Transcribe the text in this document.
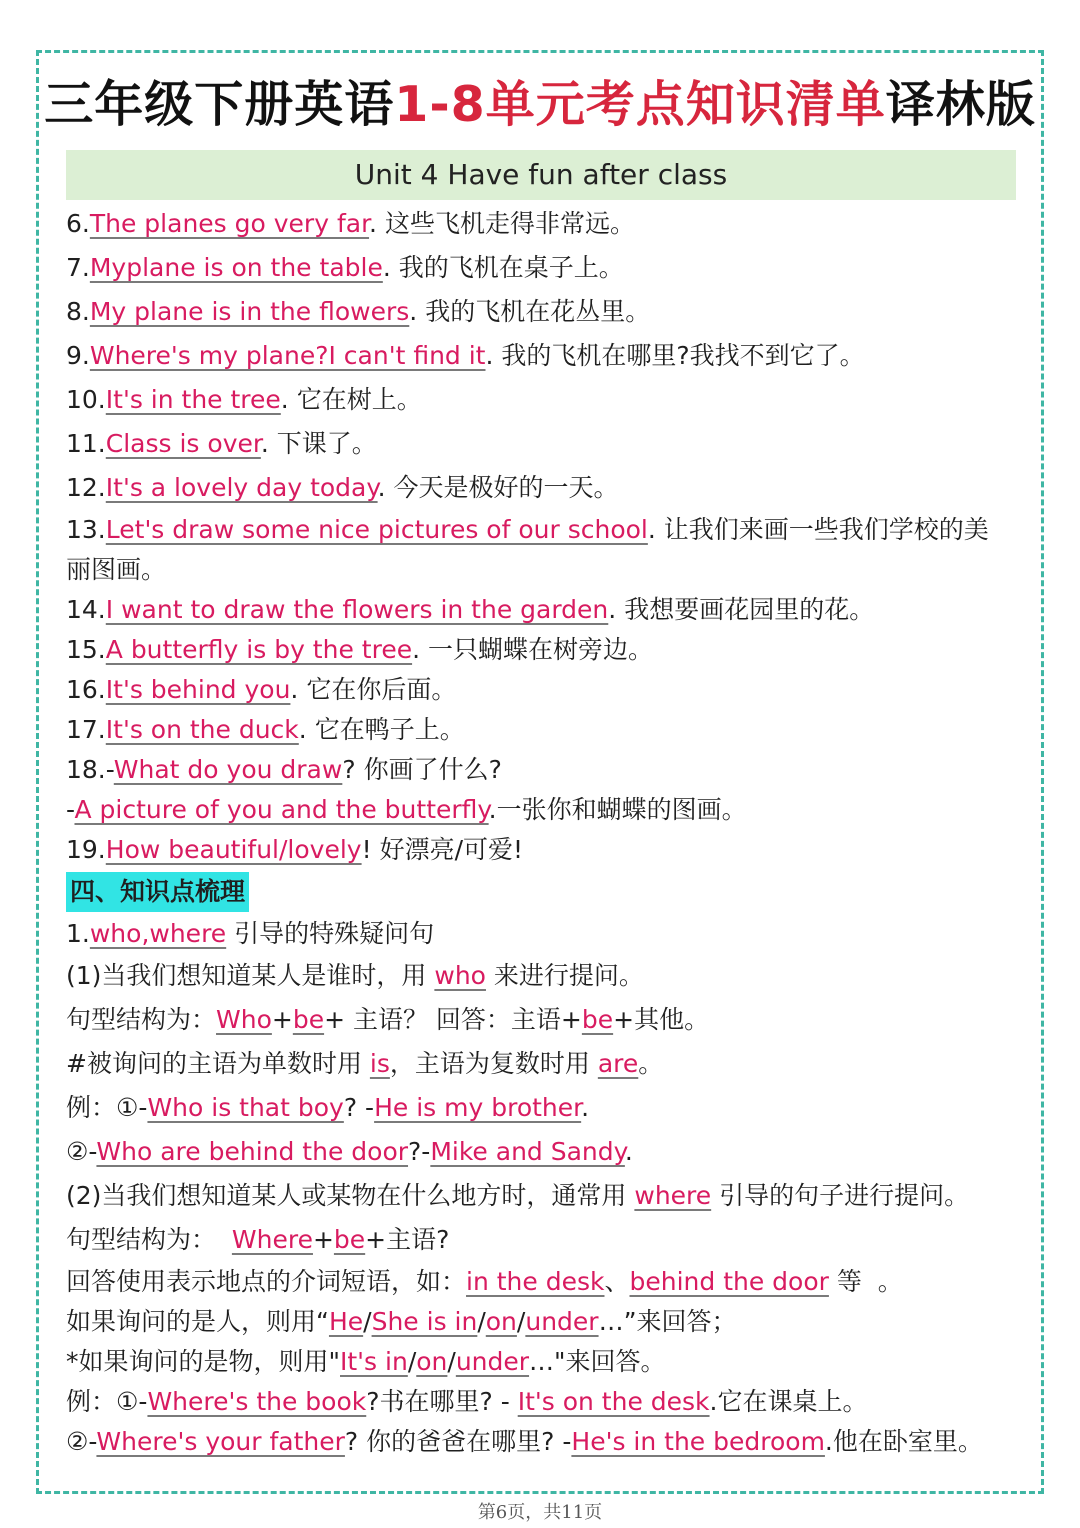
三年级下册英语1-8单元考点知识清单译林版
Unit 4 Have fun after class
6.The planes go very far. 这些飞机走得非常远。
7.Myplane is on the table. 我的飞机在桌子上。
8.My plane is in the flowers. 我的飞机在花丛里。
9.Where's my plane?I can't find it. 我的飞机在哪里?我找不到它了。
10.It's in the tree. 它在树上。
11.Class is over. 下课了。
12.It's a lovely day today. 今天是极好的一天。
13.Let's draw some nice pictures of our school. 让我们来画一些我们学校的美
丽图画。
14.I want to draw the flowers in the garden. 我想要画花园里的花。
15.A butterfly is by the tree. 一只蝴蝶在树旁边。
16.It's behind you. 它在你后面。
17.It's on the duck. 它在鸭子上。
18.-What do you draw? 你画了什么?
-A picture of you and the butterfly.一张你和蝴蝶的图画。
19.How beautiful/lovely! 好漂亮/可爱!
四、知识点梳理
1.who,where 引导的特殊疑问句
(1)当我们想知道某人是谁时，用 who 来进行提问。
句型结构为：Who+be+ 主语？ 回答：主语+be+其他。
#被询问的主语为单数时用 is，主语为复数时用 are。
例：①-Who is that boy? -He is my brother.
②-Who are behind the door?-Mike and Sandy.
(2)当我们想知道某人或某物在什么地方时，通常用 where 引导的句子进行提问。
句型结构为：  Where+be+主语?
回答使用表示地点的介词短语，如：in the desk、behind the door 等  。
如果询问的是人，则用“He/She is in/on/under…”来回答；
*如果询问的是物，则用"It's in/on/under…"来回答。
例：①-Where's the book?书在哪里? - It's on the desk.它在课桌上。
②-Where's your father? 你的爸爸在哪里? -He's in the bedroom.他在卧室里。
第6页，共11页
